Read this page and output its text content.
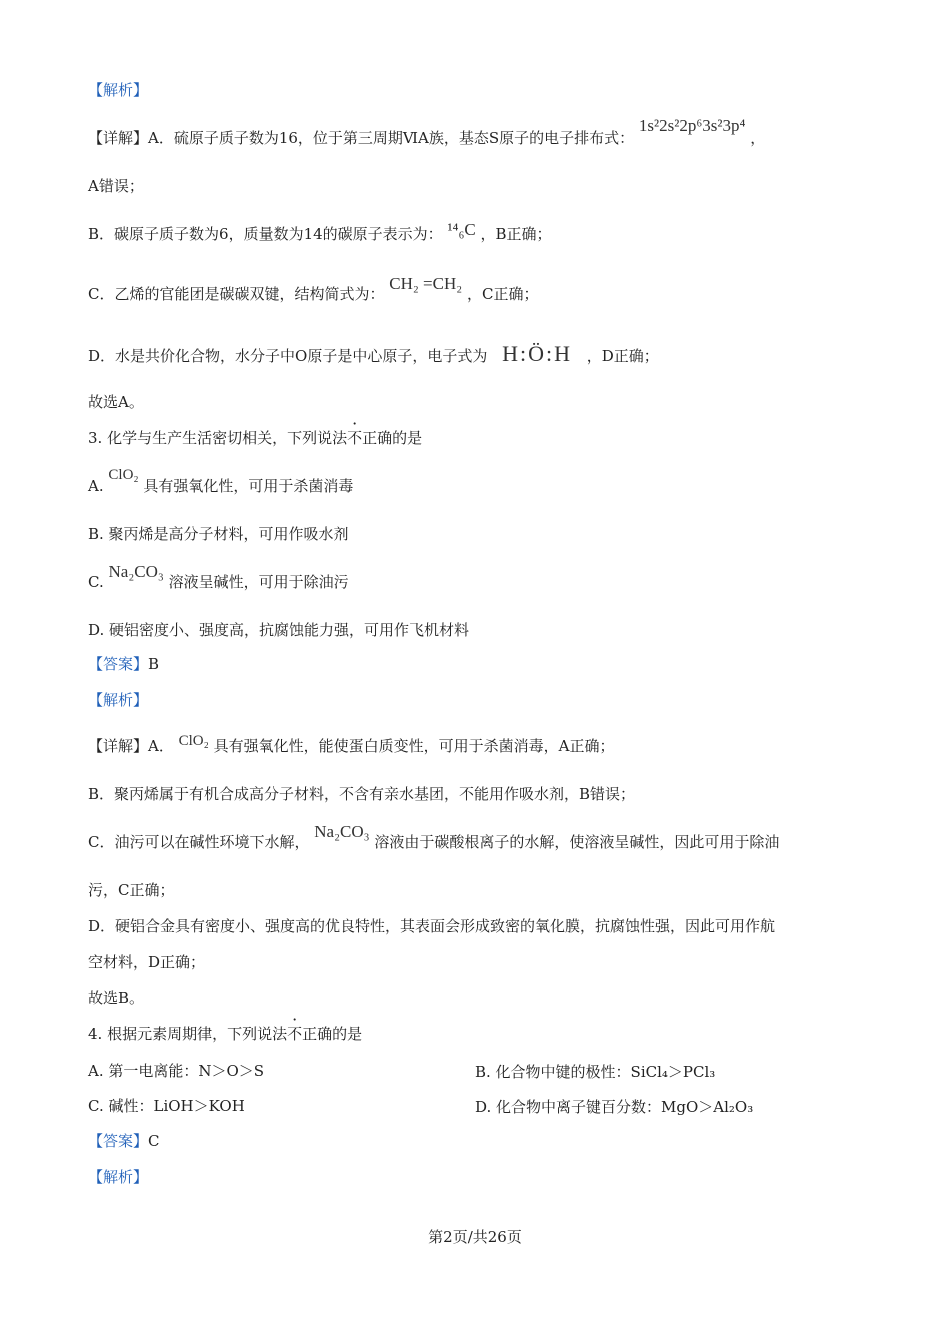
【解析】
【详解】A．硫原子质子数为16，位于第三周期ⅥA族，基态S原子的电子排布式： 1s²2s²2p⁶3s²3p⁴ ，
A错误；
B．碳原子质子数为6，质量数为14的碳原子表示为： ¹⁴₆C ，B正确；
C．乙烯的官能团是碳碳双键，结构简式为： CH₂ =CH₂ ，C正确；
D．水是共价化合物，水分子中O原子是中心原子，电子式为 H:Ö:H ，D正确；
故选A。
3. 化学与生产生活密切相关，下列说法不正确的是
A. ClO₂ 具有强氧化性，可用于杀菌消毒
B. 聚丙烯是高分子材料，可用作吸水剂
C. Na₂CO₃ 溶液呈碱性，可用于除油污
D. 硬铝密度小、强度高，抗腐蚀能力强，可用作飞机材料
【答案】B
【解析】
【详解】A． ClO₂ 具有强氧化性，能使蛋白质变性，可用于杀菌消毒，A正确；
B．聚丙烯属于有机合成高分子材料，不含有亲水基团，不能用作吸水剂，B错误；
C．油污可以在碱性环境下水解， Na₂CO₃ 溶液由于碳酸根离子的水解，使溶液呈碱性，因此可用于除油
污，C正确；
D．硬铝合金具有密度小、强度高的优良特性，其表面会形成致密的氧化膜，抗腐蚀性强，因此可用作航
空材料，D正确；
故选B。
4. 根据元素周期律，下列说法不正确的是
A. 第一电离能：N＞O＞S	B. 化合物中键的极性：SiCl₄＞PCl₃
C. 碱性：LiOH＞KOH	D. 化合物中离子键百分数：MgO＞Al₂O₃
【答案】C
【解析】
第2页/共26页
